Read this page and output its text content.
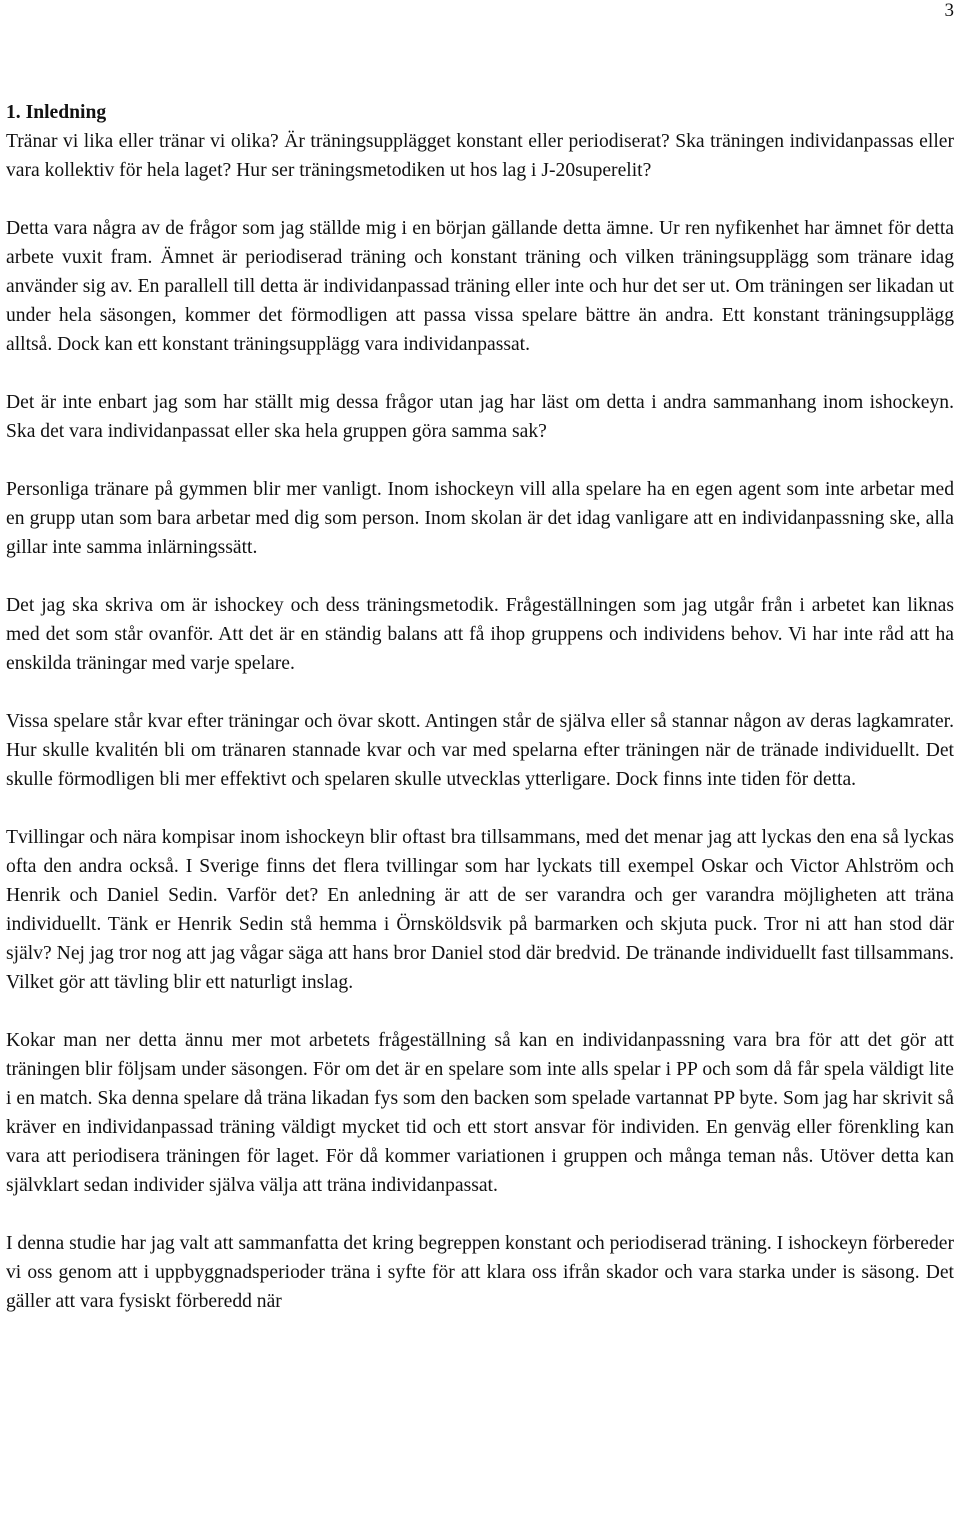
3
1. Inledning

Tränar vi lika eller tränar vi olika? Är träningsupplägget konstant eller periodiserat? Ska träningen individanpassas eller vara kollektiv för hela laget? Hur ser träningsmetodiken ut hos lag i J-20superelit?

Detta vara några av de frågor som jag ställde mig i en början gällande detta ämne. Ur ren nyfikenhet har ämnet för detta arbete vuxit fram. Ämnet är periodiserad träning och konstant träning och vilken träningsupplägg som tränare idag använder sig av. En parallell till detta är individanpassad träning eller inte och hur det ser ut. Om träningen ser likadan ut under hela säsongen, kommer det förmodligen att passa vissa spelare bättre än andra. Ett konstant träningsupplägg alltså. Dock kan ett konstant träningsupplägg vara individanpassat.

Det är inte enbart jag som har ställt mig dessa frågor utan jag har läst om detta i andra sammanhang inom ishockeyn. Ska det vara individanpassat eller ska hela gruppen göra samma sak?

Personliga tränare på gymmen blir mer vanligt. Inom ishockeyn vill alla spelare ha en egen agent som inte arbetar med en grupp utan som bara arbetar med dig som person. Inom skolan är det idag vanligare att en individanpassning ske, alla gillar inte samma inlärningssätt.

Det jag ska skriva om är ishockey och dess träningsmetodik. Frågeställningen som jag utgår från i arbetet kan liknas med det som står ovanför. Att det är en ständig balans att få ihop gruppens och individens behov. Vi har inte råd att ha enskilda träningar med varje spelare.

Vissa spelare står kvar efter träningar och övar skott. Antingen står de själva eller så stannar någon av deras lagkamrater. Hur skulle kvalitén bli om tränaren stannade kvar och var med spelarna efter träningen när de tränade individuellt. Det skulle förmodligen bli mer effektivt och spelaren skulle utvecklas ytterligare. Dock finns inte tiden för detta.

Tvillingar och nära kompisar inom ishockeyn blir oftast bra tillsammans, med det menar jag att lyckas den ena så lyckas ofta den andra också. I Sverige finns det flera tvillingar som har lyckats till exempel Oskar och Victor Ahlström och Henrik och Daniel Sedin. Varför det? En anledning är att de ser varandra och ger varandra möjligheten att träna individuellt. Tänk er Henrik Sedin stå hemma i Örnsköldsvik på barmarken och skjuta puck. Tror ni att han stod där själv? Nej jag tror nog att jag vågar säga att hans bror Daniel stod där bredvid. De tränande individuellt fast tillsammans. Vilket gör att tävling blir ett naturligt inslag.

Kokar man ner detta ännu mer mot arbetets frågeställning så kan en individanpassning vara bra för att det gör att träningen blir följsam under säsongen. För om det är en spelare som inte alls spelar i PP och som då får spela väldigt lite i en match. Ska denna spelare då träna likadan fys som den backen som spelade vartannat PP byte. Som jag har skrivit så kräver en individanpassad träning väldigt mycket tid och ett stort ansvar för individen. En genväg eller förenkling kan vara att periodisera träningen för laget. För då kommer variationen i gruppen och många teman nås. Utöver detta kan självklart sedan individer själva välja att träna individanpassat.

I denna studie har jag valt att sammanfatta det kring begreppen konstant och periodiserad träning. I ishockeyn förbereder vi oss genom att i uppbyggnadsperioder träna i syfte för att klara oss ifrån skador och vara starka under is säsong. Det gäller att vara fysiskt förberedd när
